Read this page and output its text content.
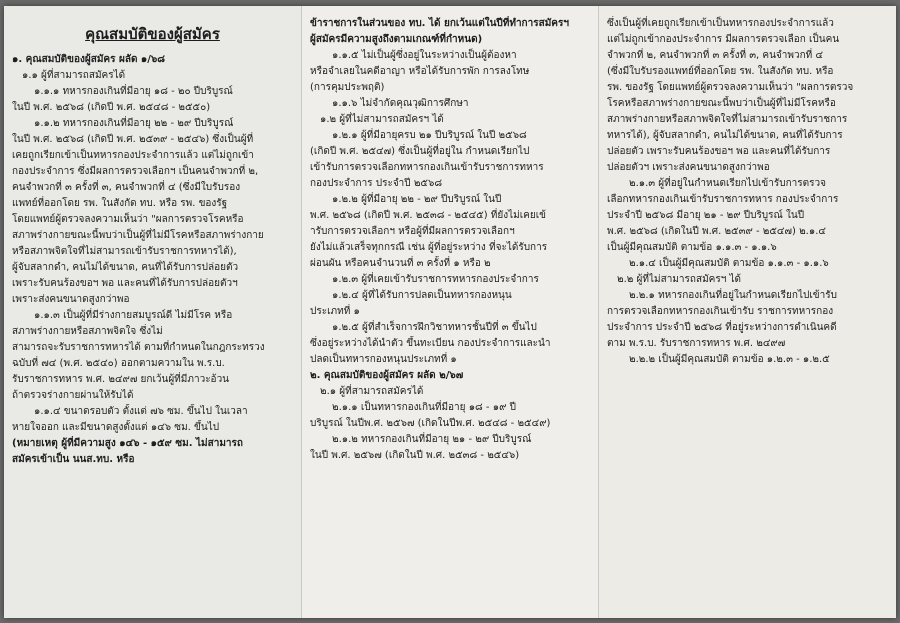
คุณสมบัติของผู้สมัคร
๑. คุณสมบัติของผู้สมัคร ผลัด ๑/๖๘
๑.๑ ผู้ที่สามารถสมัครได้
๑.๑.๑ ทหารกองเกินที่มีอายุ ๑๘ - ๒๐ ปีบริบูรณ์
ในปี พ.ศ. ๒๕๖๘ (เกิดปี พ.ศ. ๒๕๔๘ - ๒๕๕๐)
๑.๑.๒ ทหารกองเกินที่มีอายุ ๒๒ - ๒๙ ปีบริบูรณ์
ในปี พ.ศ. ๒๕๖๘ (เกิดปี พ.ศ. ๒๕๓๙ - ๒๕๔๖) ซึ่งเป็นผู้ที่
เคยถูกเรียกเข้าเป็นทหารกองประจำการแล้ว แต่ไม่ถูกเข้า
กองประจำการ ซึ่งมีผลการตรวจเลือกฯ เป็นคนจำพวกที่ ๒,
คนจำพวกที่ ๓ ครั้งที่ ๓, คนจำพวกที่ ๔ (ซึ่งมีใบรับรอง
แพทย์ที่ออกโดย รพ. ในสังกัด ทบ. หรือ รพ. ของรัฐ
โดยแพทย์ผู้ตรวจลงความเห็นว่า "ผลการตรวจโรคหรือ
สภาพร่างกายขณะนี้พบว่าเป็นผู้ที่ไม่มีโรคหรือสภาพร่างกาย
หรือสภาพจิตใจที่ไม่สามารถเข้ารับราชการทหารได้),
ผู้จับสลากดำ, คนไม่ได้ขนาด, คนที่ได้รับการปล่อยตัว
เพราะรับคนร้องขอฯ พอ และคนที่ได้รับการปล่อยตัวฯ
เพราะส่งคนขนาดสูงกว่าพอ
๑.๑.๓ เป็นผู้ที่มีร่างกายสมบูรณ์ดี ไม่มีโรค หรือ
สภาพร่างกายหรือสภาพจิตใจ ซึ่งไม่
สามารถจะรับราชการทหารได้ ตามที่กำหนดในกฎกระทรวง
ฉบับที่ ๗๔ (พ.ศ. ๒๕๔๐) ออกตามความใน พ.ร.บ.
รับราชการทหาร พ.ศ. ๒๔๙๗ ยกเว้นผู้ที่มีภาวะอ้วน
ถ้าตรวจร่างกายผ่านให้รับได้
๑.๑.๔ ขนาดรอบตัว ตั้งแต่ ๗๖ ซม. ขึ้นไป ในเวลา
หายใจออก และมีขนาดสูงตั้งแต่ ๑๔๖ ซม. ขึ้นไป
(หมายเหตุ ผู้ที่มีความสูง ๑๔๖ - ๑๕๙ ซม. ไม่สามารถ
สมัครเข้าเป็น นนส.ทบ. หรือ
ข้าราชการในส่วนของ ทบ. ได้ ยกเว้นแต่ในปีที่ทำการสมัครฯ
ผู้สมัครมีความสูงถึงตามเกณฑ์ที่กำหนด)
๑.๑.๕ ไม่เป็นผู้ซึ่งอยู่ในระหว่างเป็นผู้ต้องหา
หรือจำเลยในคดีอาญา หรือได้รับการพัก การลงโทษ
(การคุมประพฤติ)
๑.๑.๖ ไม่จำกัดคุณวุฒิการศึกษา
๑.๒ ผู้ที่ไม่สามารถสมัครฯ ได้
๑.๒.๑ ผู้ที่มีอายุครบ ๒๑ ปีบริบูรณ์ ในปี ๒๕๖๘
(เกิดปี พ.ศ. ๒๕๔๗) ซึ่งเป็นผู้ที่อยู่ใน กำหนดเรียกไป
เข้ารับการตรวจเลือกทหารกองเกินเข้ารับราชการทหาร
กองประจำการ ประจำปี ๒๕๖๘
๑.๒.๒ ผู้ที่มีอายุ ๒๒ - ๒๙ ปีบริบูรณ์ ในปี
พ.ศ. ๒๕๖๘ (เกิดปี พ.ศ. ๒๕๓๘ - ๒๕๔๕) ที่ยังไม่เคยเข้
ารับการตรวจเลือกฯ หรือผู้ที่มีผลการตรวจเลือกฯ
ยังไม่แล้วเสร็จทุกกรณี เช่น ผู้ที่อยู่ระหว่าง ที่จะได้รับการ
ผ่อนผัน หรือคนจำนวนที่ ๓ ครั้งที่ ๑ หรือ ๒
๑.๒.๓ ผู้ที่เคยเข้ารับราชการทหารกองประจำการ
๑.๒.๔ ผู้ที่ได้รับการปลดเป็นทหารกองหนุน
ประเภทที่ ๑
๑.๒.๕ ผู้ที่สำเร็จการฝึกวิชาทหารชั้นปีที่ ๓ ขึ้นไป
ซึ่งอยู่ระหว่างได้นำตัว ขึ้นทะเบียน กองประจำการและนำ
ปลดเป็นทหารกองหนุนประเภทที่ ๑
๒. คุณสมบัติของผู้สมัคร ผลัด ๒/๖๗
๒.๑ ผู้ที่สามารถสมัครได้
๒.๑.๑ เป็นทหารกองเกินที่มีอายุ ๑๘ - ๑๙ ปี
บริบูรณ์ ในปีพ.ศ. ๒๕๖๗ (เกิดในปีพ.ศ. ๒๕๔๘ - ๒๕๔๙)
๒.๑.๒ ทหารกองเกินที่มีอายุ ๒๑ - ๒๙ ปีบริบูรณ์
ในปี พ.ศ. ๒๕๖๗ (เกิดในปี พ.ศ. ๒๕๓๘ - ๒๕๔๖)
ซึ่งเป็นผู้ที่เคยถูกเรียกเข้าเป็นทหารกองประจำการแล้ว
แต่ไม่ถูกเข้ากองประจำการ มีผลการตรวจเลือก เป็นคน
จำพวกที่ ๒, คนจำพวกที่ ๓ ครั้งที่ ๓, คนจำพวกที่ ๔
(ซึ่งมีใบรับรองแพทย์ที่ออกโดย รพ. ในสังกัด ทบ. หรือ
รพ. ของรัฐ โดยแพทย์ผู้ตรวจลงความเห็นว่า "ผลการตรวจ
โรคหรือสภาพร่างกายขณะนี้พบว่าเป็นผู้ที่ไม่มีโรคหรือ
สภาพร่างกายหรือสภาพจิตใจที่ไม่สามารถเข้ารับราชการ
ทหารได้), ผู้จับสลากดำ, คนไม่ได้ขนาด, คนที่ได้รับการ
ปล่อยตัว เพราะรับคนร้องขอฯ พอ และคนที่ได้รับการ
ปล่อยตัวฯ เพราะส่งคนขนาดสูงกว่าพอ
๒.๑.๓ ผู้ที่อยู่ในกำหนดเรียกไปเข้ารับการตรวจ
เลือกทหารกองเกินเข้ารับราชการทหาร กองประจำการ
ประจำปี ๒๕๖๘ มีอายุ ๒๑ - ๒๙ ปีบริบูรณ์ ในปี
พ.ศ. ๒๕๖๘ (เกิดในปี พ.ศ. ๒๕๓๙ - ๒๕๔๗) ๒.๑.๔
เป็นผู้มีคุณสมบัติ ตามข้อ ๑.๑.๓ - ๑.๑.๖
๒.๑.๔ เป็นผู้มีคุณสมบัติ ตามข้อ ๑.๑.๓ - ๑.๑.๖
๒.๒ ผู้ที่ไม่สามารถสมัครฯ ได้
๒.๒.๑ ทหารกองเกินที่อยู่ในกำหนดเรียกไปเข้ารับ
การตรวจเลือกทหารกองเกินเข้ารับ ราชการทหารกอง
ประจำการ ประจำปี ๒๕๖๘ ที่อยู่ระหว่างการดำเนินคดี
ตาม พ.ร.บ. รับราชการทหาร พ.ศ. ๒๔๙๗
๒.๒.๒ เป็นผู้มีคุณสมบัติ ตามข้อ ๑.๒.๓ - ๑.๒.๕
